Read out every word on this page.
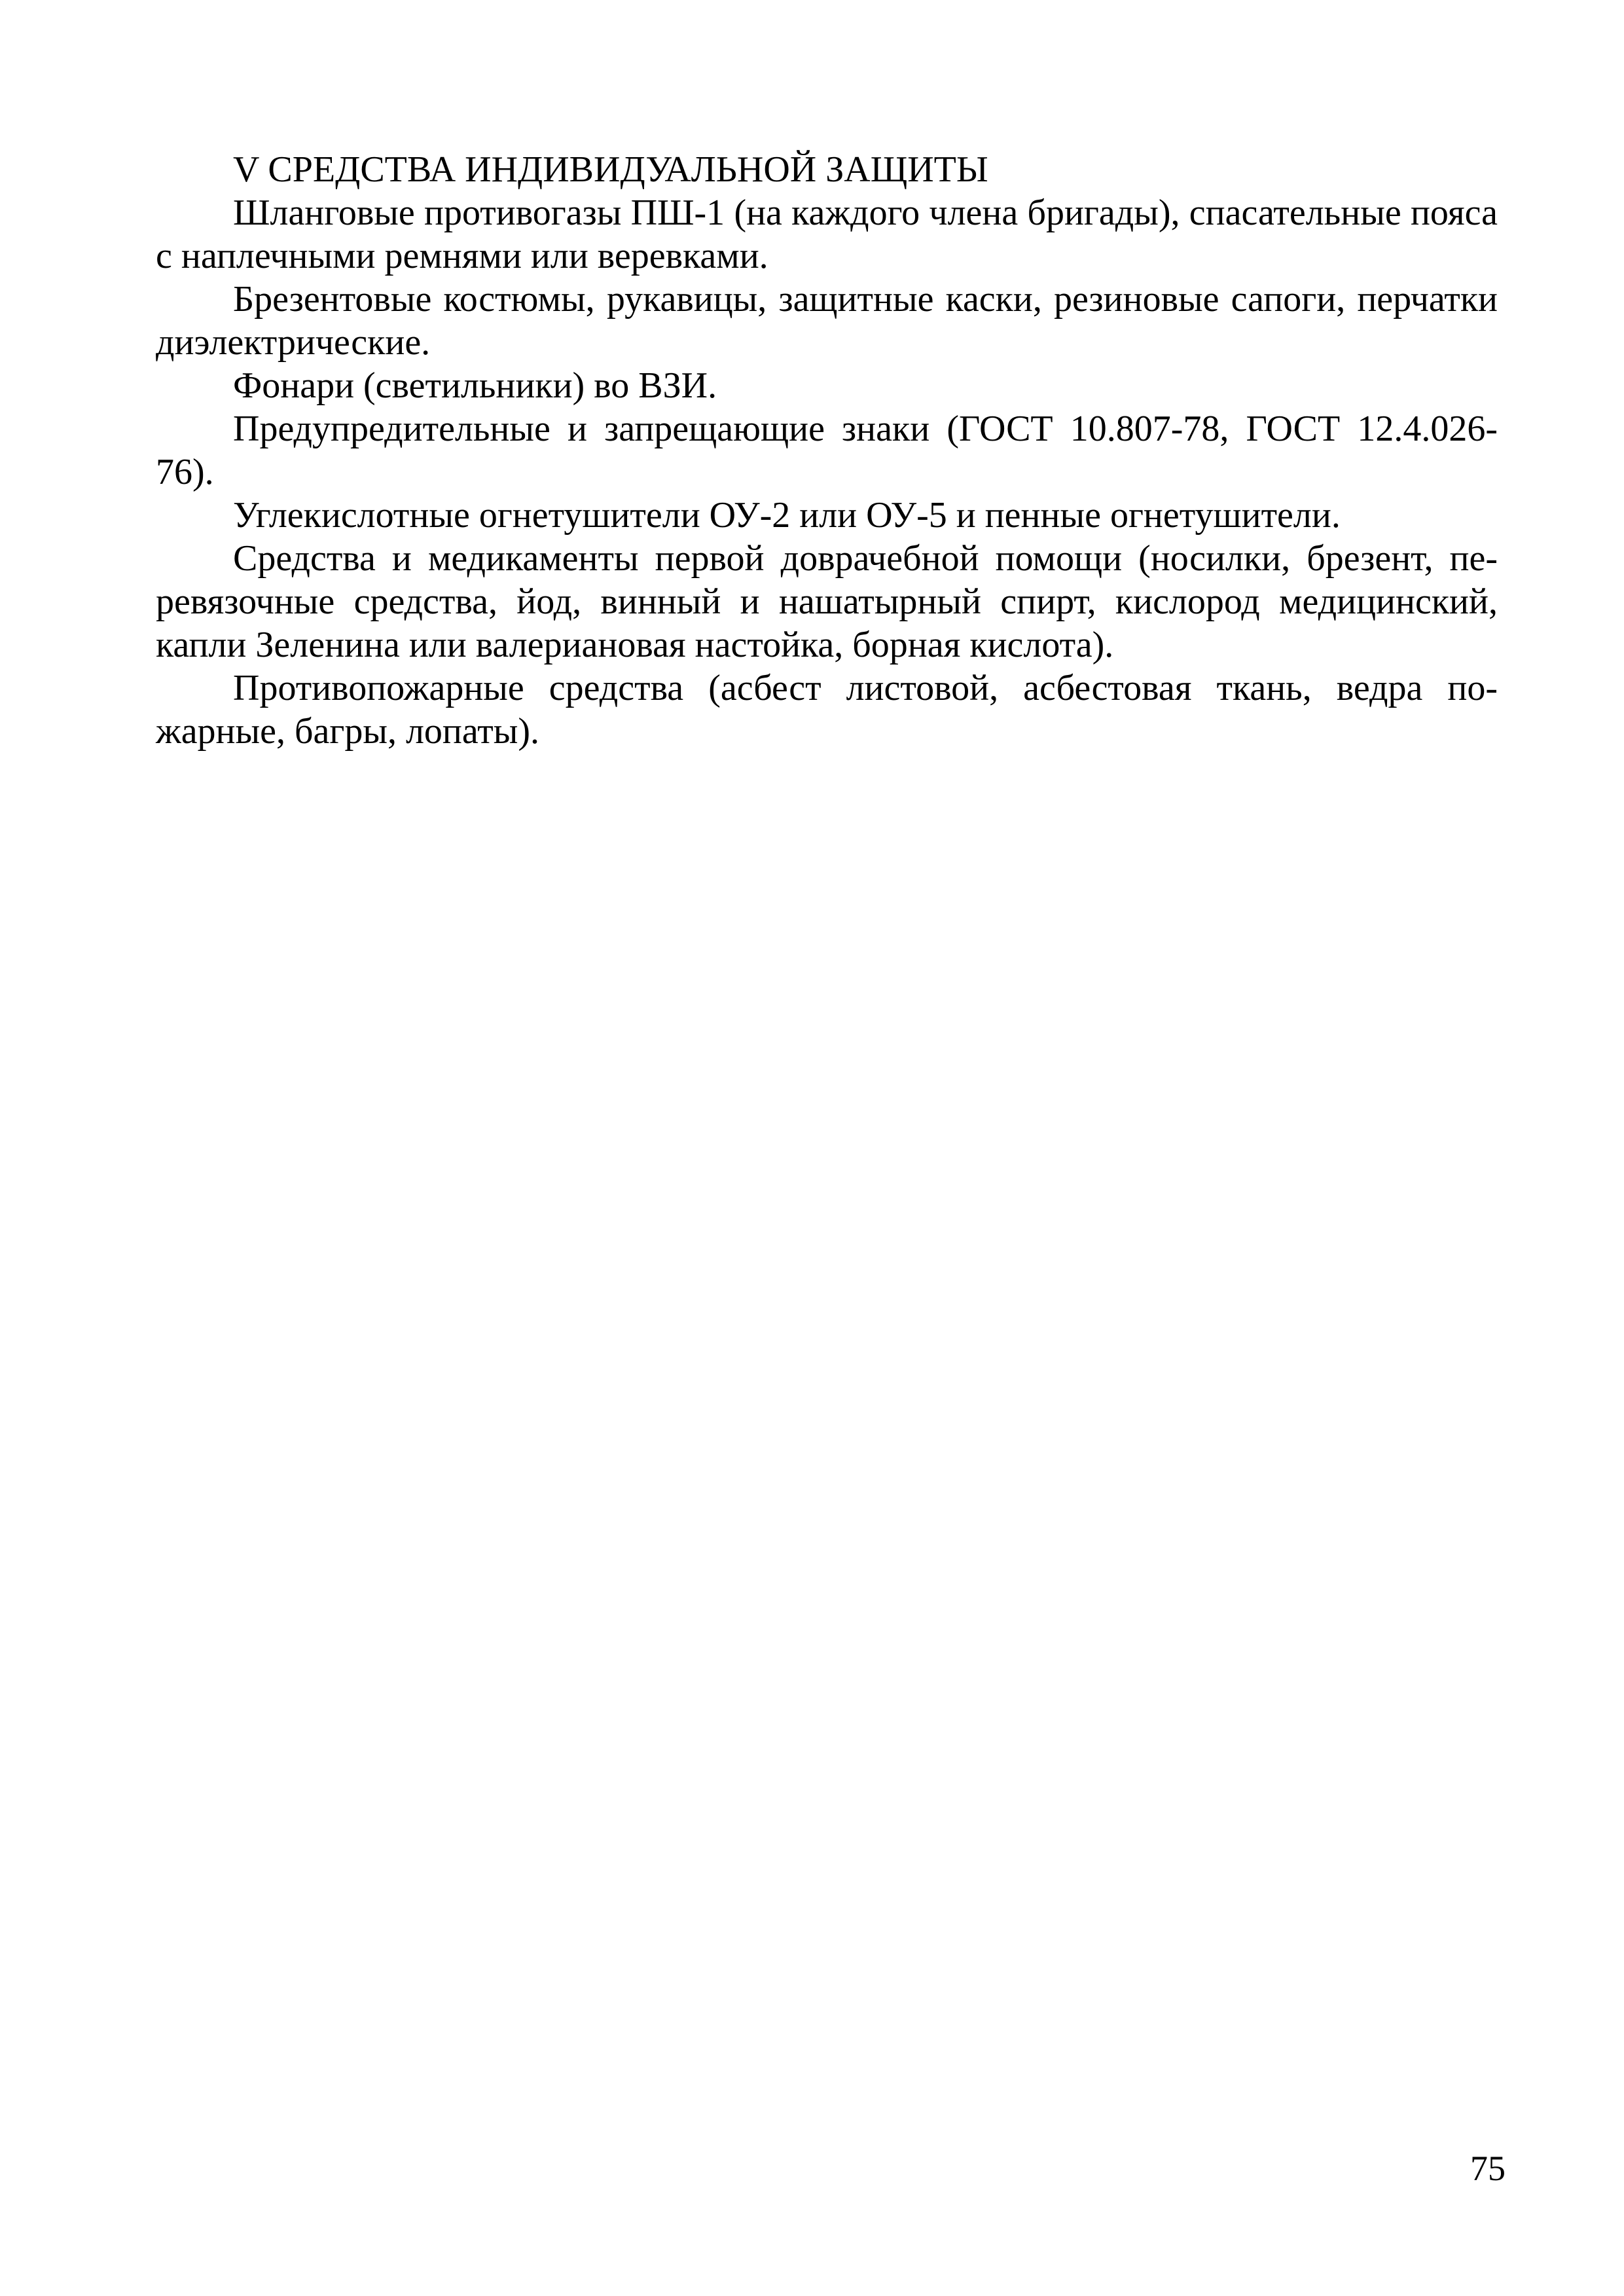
V СРЕДСТВА ИНДИВИДУАЛЬНОЙ ЗАЩИТЫ

Шланговые противогазы ПШ-1 (на каждого члена бригады), спасательные пояса с наплечными ремнями или веревками.

Брезентовые костюмы, рукавицы, защитные каски, резиновые сапоги, перчатки диэлектрические.

Фонари (светильники) во ВЗИ.

Предупредительные и запрещающие знаки (ГОСТ 10.807-78, ГОСТ 12.4.026-​76).

Углекислотные огнетушители ОУ-2 или ОУ-5 и пенные огнетушители.

Средства и медикаменты первой доврачебной помощи (носилки, брезент, перевязочные средства, йод, винный и нашатырный спирт, кислород медицинский, капли Зеленина или валериановая настойка, борная кислота).

Противопожарные средства (асбест листовой, асбестовая ткань, ведра пожарные, багры, лопаты).

75
